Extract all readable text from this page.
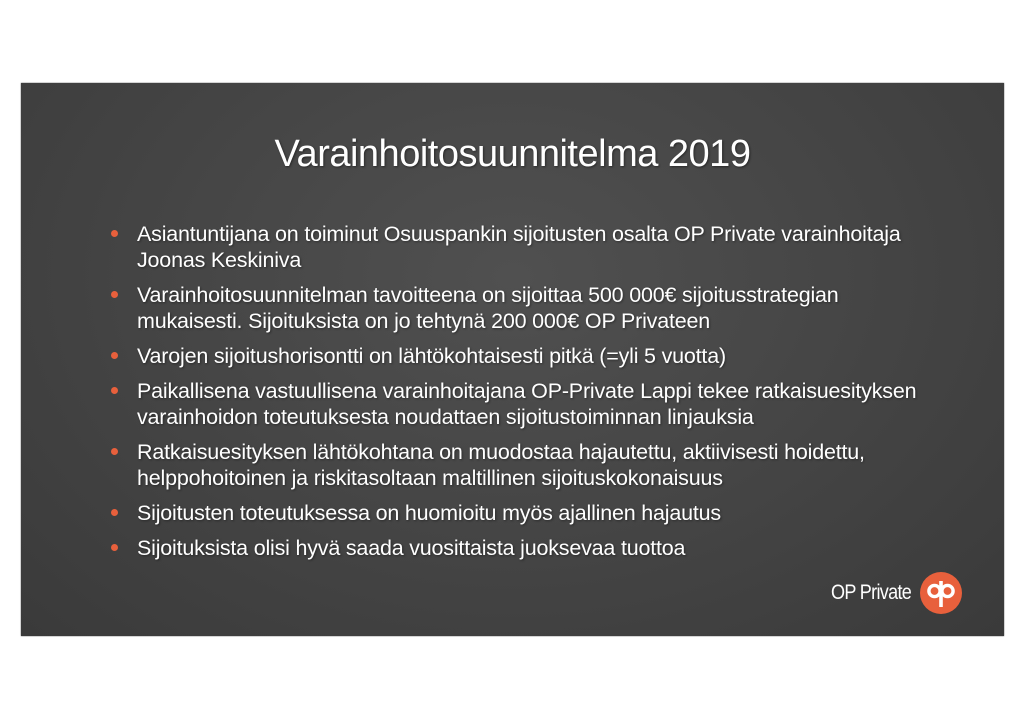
Varainhoitosuunnitelma 2019
Asiantuntijana on toiminut Osuuspankin sijoitusten osalta OP Private varainhoitaja Joonas Keskiniva
Varainhoitosuunnitelman tavoitteena on sijoittaa 500 000€ sijoitusstrategian mukaisesti. Sijoituksista on jo tehtynä 200 000€ OP Privateen
Varojen sijoitushorisontti on lähtökohtaisesti pitkä (=yli 5 vuotta)
Paikallisena vastuullisena varainhoitajana OP-Private Lappi tekee ratkaisuesityksen varainhoidon toteutuksesta noudattaen sijoitustoiminnan linjauksia
Ratkaisuesityksen lähtökohtana on muodostaa hajautettu, aktiivisesti hoidettu, helppohoitoinen ja riskitasoltaan maltillinen sijoituskokonaisuus
Sijoitusten toteutuksessa on huomioitu myös ajallinen hajautus
Sijoituksista olisi hyvä saada vuosittaista juoksevaa tuottoa
OP Private
